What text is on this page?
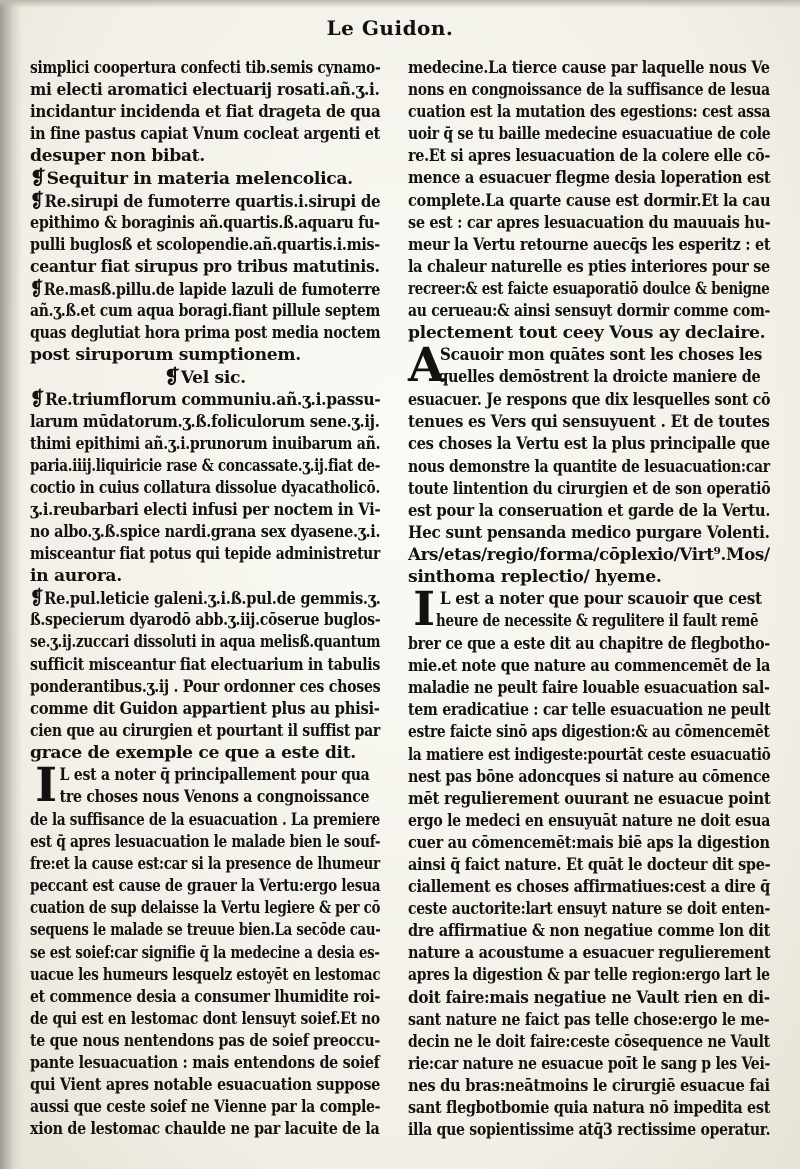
Le Guidon.
simplici coopertura confecti tib.semis cynamo-
mi electi aromatici electuarij rosati.añ.ʒ.i.
incidantur incidenda et fiat drageta de qua
in fine pastus capiat Vnum cocleat argenti et
desuper non bibat.
❡Sequitur in materia melencolica.
❡Re.sirupi de fumoterre quartis.i.sirupi de
epithimo & boraginis añ.quartis.ß.aquaru fu-
pulli buglosß et scolopendie.añ.quartis.i.mis-
ceantur fiat sirupus pro tribus matutinis.
❡Re.masß.pillu.de lapide lazuli de fumoterre
añ.ʒ.ß.et cum aqua boragi.fiant pillule septem
quas deglutiat hora prima post media noctem
post siruporum sumptionem.
❡Vel sic.
❡Re.triumflorum communiu.añ.ʒ.i.passu-
larum mūdatorum.ʒ.ß.foliculorum sene.ʒ.ij.
thimi epithimi añ.ʒ.i.prunorum inuibarum añ.
paria.iiij.liquiricie rase & concassate.ʒ.ij.fiat de-
coctio in cuius collatura dissolue dyacatholicō.
ʒ.i.reubarbari electi infusi per noctem in Vi-
no albo.ʒ.ß.spice nardi.grana sex dyasene.ʒ.i.
misceantur fiat potus qui tepide administretur
in aurora.
❡Re.pul.leticie galeni.ʒ.i.ß.pul.de gemmis.ʒ.
ß.specierum dyarodō abb.ʒ.iij.cōserue buglos-
se.ʒ.ij.zuccari dissoluti in aqua melisß.quantum
sufficit misceantur fiat electuarium in tabulis
ponderantibus.ʒ.ij . Pour ordonner ces choses
comme dit Guidon appartient plus au phisi-
cien que au cirurgien et pourtant il suffist par
grace de exemple ce que a este dit.
I L est a noter q̄ principallement pour qua
tre choses nous Venons a congnoissance
de la suffisance de la esuacuation . La premiere
est q̄ apres lesuacuation le malade bien le souf-
fre:et la cause est:car si la presence de lhumeur
peccant est cause de grauer la Vertu:ergo lesua
cuation de sup delaisse la Vertu legiere & per cō
sequens le malade se treuue bien.La secōde cau-
se est soief:car signifie q̄ la medecine a desia es-
uacue les humeurs lesquelz estoyēt en lestomac
et commence desia a consumer lhumidite roi-
de qui est en lestomac dont lensuyt soief.Et no
te que nous nentendons pas de soief preoccu-
pante lesuacuation : mais entendons de soief
qui Vient apres notable esuacuation suppose
aussi que ceste soief ne Vienne par la comple-
xion de lestomac chaulde ne par lacuite de la
medecine.La tierce cause par laquelle nous Ve
nons en congnoissance de la suffisance de lesua
cuation est la mutation des egestions: cest assa
uoir q̄ se tu baille medecine esuacuatiue de cole
re.Et si apres lesuacuation de la colere elle cō-
mence a esuacuer flegme desia loperation est
complete.La quarte cause est dormir.Et la cau
se est : car apres lesuacuation du mauuais hu-
meur la Vertu retourne auecq̄s les esperitz : et
la chaleur naturelle es pties interiores pour se
recreer:& est faicte esuaporatiō doulce & benigne
au cerueau:& ainsi sensuyt dormir comme com-
plectement tout ceey Vous ay declaire.
A
Scauoir mon quātes sont les choses les
quelles demōstrent la droicte maniere de
esuacuer. Je respons que dix lesquelles sont cō
tenues es Vers qui sensuyuent . Et de toutes
ces choses la Vertu est la plus principalle que
nous demonstre la quantite de lesuacuation:car
toute lintention du cirurgien et de son operatiō
est pour la conseruation et garde de la Vertu.
Hec sunt pensanda medico purgare Volenti.
Ars/etas/regio/forma/cōplexio/Virt⁹.Mos/
sinthoma replectio/ hyeme.
I L est a noter que pour scauoir que cest
heure de necessite & regulitere il fault remē
brer ce que a este dit au chapitre de flegbotho-
mie.et note que nature au commencemēt de la
maladie ne peult faire louable esuacuation sal-
tem eradicatiue : car telle esuacuation ne peult
estre faicte sinō aps digestion:& au cōmencemēt
la matiere est indigeste:pourtāt ceste esuacuatiō
nest pas bōne adoncques si nature au cōmence
mēt regulierement ouurant ne esuacue point
ergo le medeci en ensuyuāt nature ne doit esua
cuer au cōmencemēt:mais biē aps la digestion
ainsi q̄ faict nature. Et quāt le docteur dit spe-
ciallement es choses affirmatiues:cest a dire q̄
ceste auctorite:lart ensuyt nature se doit enten-
dre affirmatiue & non negatiue comme lon dit
nature a acoustume a esuacuer regulierement
apres la digestion & par telle region:ergo lart le
doit faire:mais negatiue ne Vault rien en di-
sant nature ne faict pas telle chose:ergo le me-
decin ne le doit faire:ceste cōsequence ne Vault
rie:car nature ne esuacue poīt le sang p les Vei-
nes du bras:neātmoins le cirurgiē esuacue fai
sant flegbotbomie quia natura nō impedita est
illa que sopientissime atq̄3 rectissime operatur.
